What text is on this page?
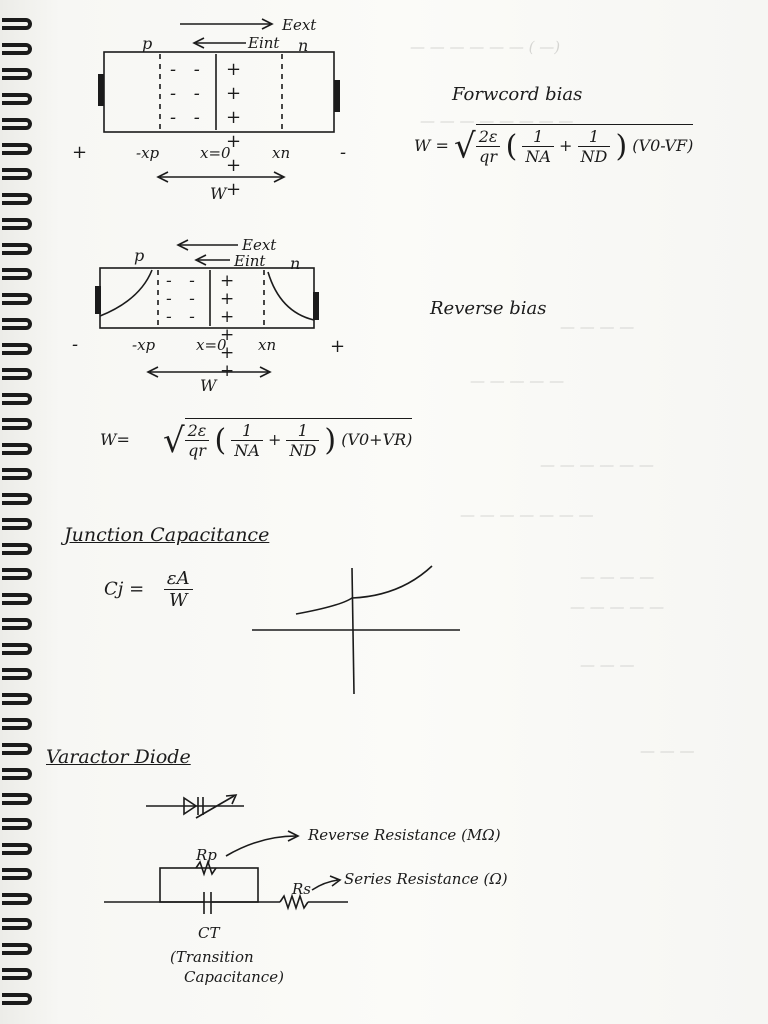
— — — — — — ( —)
— — — — — — — —
— — — —
— — — — —
— — — — — —
— — — — — — —
— — — —
— — — — —
— — —
— — —
Eext
Eint
p	n
- - - - - -
+ + + + + +
+	-
-xp	x=0	xn
W
Forwcord bias
W = √ $\frac{2\varepsilon}{qr}$ ( $\frac{1}{NA} + \frac{1}{ND}$ ) (V0-VF)
Eext
Eint
p	n
- - - - - -
+ + + + + +
-	+
-xp	x=0 xn
W
Reverse bias
W= √ $\frac{2\varepsilon}{qr}$ ( $\frac{1}{NA} + \frac{1}{ND}$ ) (V0+VR)
Junction Capacitance
$Cj = \frac{\varepsilon A}{W}$
Varactor Diode
Rp
Rs
CT
(Transition
Capacitance)
Reverse Resistance (MΩ)
Series Resistance (Ω)
